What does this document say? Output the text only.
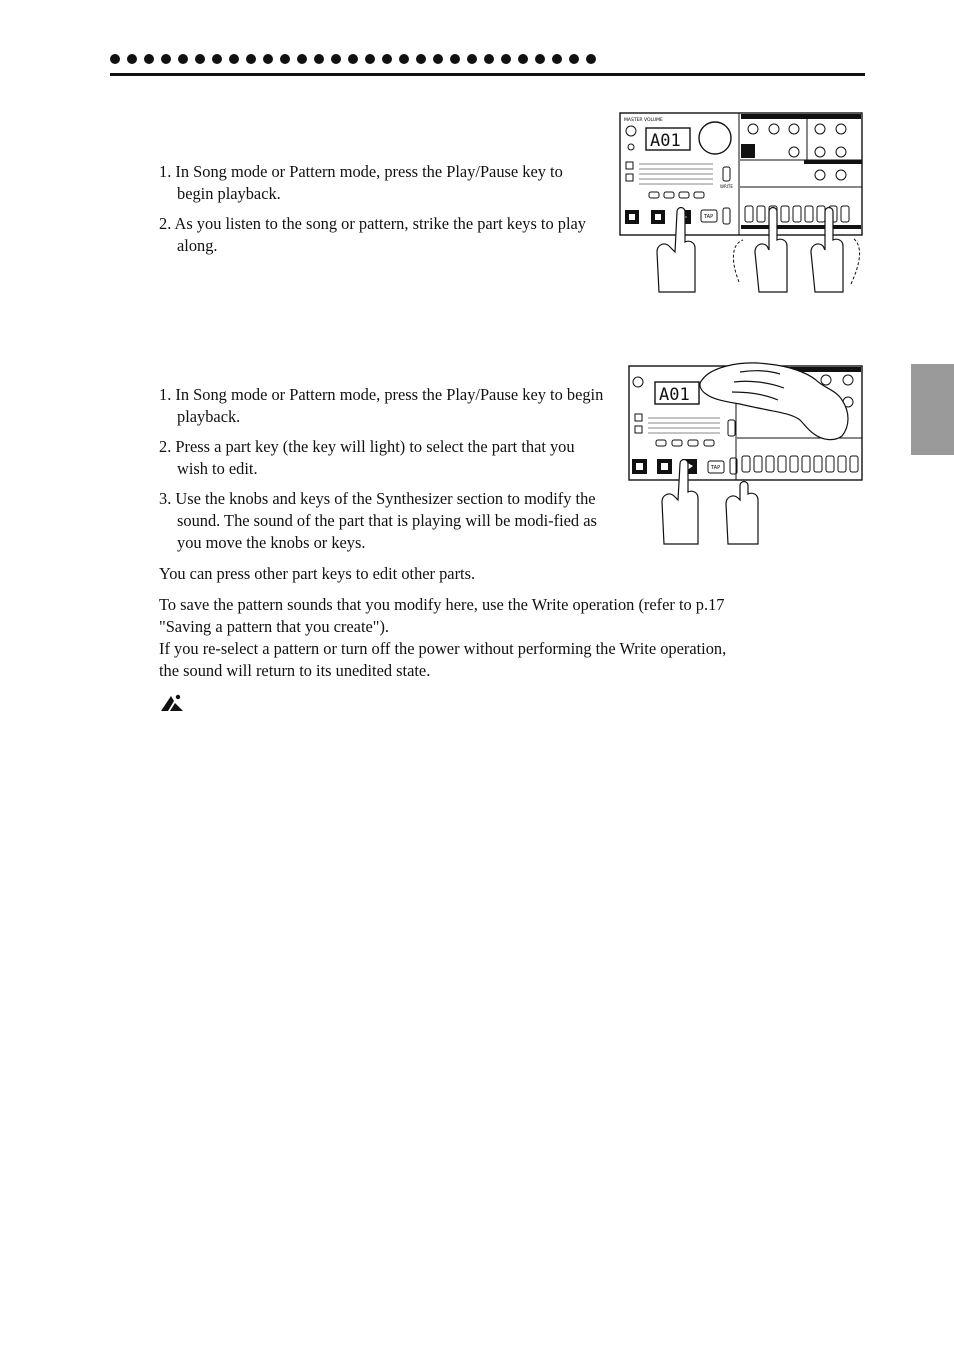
1. In Song mode or Pattern mode, press the Play/Pause key to begin playback.
2. As you listen to the song or pattern, strike the part keys to play along.
1. In Song mode or Pattern mode, press the Play/Pause key to begin playback.
2. Press a part key (the key will light) to select the part that you wish to edit.
3. Use the knobs and keys of the Synthesizer section to modify the sound. The sound of the part that is playing will be modi-fied as you move the knobs or keys.
You can press other part keys to edit other parts.
To save the pattern sounds that you modify here, use the Write operation (refer to p.17
"Saving a pattern that you create").
If you re-select a pattern or turn off the power without performing the Write operation,
the sound will return to its unedited state.
MASTER VOLUME
A01
WRITE
TAP
A01
TAP
